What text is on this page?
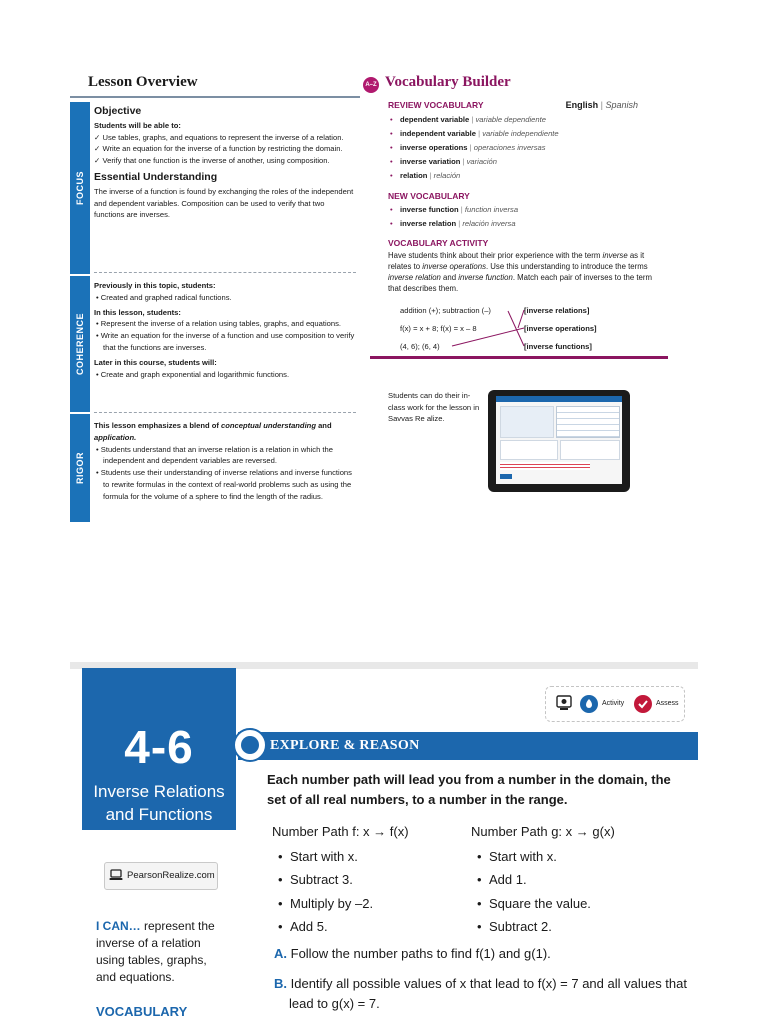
Lesson Overview
FOCUS
COHERENCE
RIGOR
Objective
Students will be able to:
✓ Use tables, graphs, and equations to represent the inverse of a relation.
✓ Write an equation for the inverse of a function by restricting the domain.
✓ Verify that one function is the inverse of another, using composition.
Essential Understanding
The inverse of a function is found by exchanging the roles of the independent and dependent variables. Composition can be used to verify that two functions are inverses.
Previously in this topic, students:
• Created and graphed radical functions.
In this lesson, students:
• Represent the inverse of a relation using tables, graphs, and equations.
• Write an equation for the inverse of a function and use composition to verify that the functions are inverses.
Later in this course, students will:
• Create and graph exponential and logarithmic functions.
This lesson emphasizes a blend of conceptual understanding and application.
• Students understand that an inverse relation is a relation in which the independent and dependent variables are reversed.
• Students use their understanding of inverse relations and inverse functions to rewrite formulas in the context of real-world problems such as using the formula for the volume of a sphere to find the length of the radius.
A–Z Vocabulary Builder
REVIEW VOCABULARY	English | Spanish
• dependent variable | variable dependiente
• independent variable | variable independiente
• inverse operations | operaciones inversas
• inverse variation | variación
• relation | relación
NEW VOCABULARY
• inverse function | function inversa
• inverse relation | relación inversa
VOCABULARY ACTIVITY
Have students think about their prior experience with the term inverse as it relates to inverse operations. Use this understanding to introduce the terms inverse relation and inverse function. Match each pair of inverses to the term that describes them.
addition (+); subtraction (–)
f(x) = x + 8; f(x) = x – 8
(4, 6); (6, 4)
[inverse relations]
[inverse operations]
[inverse functions]
Students can do their in-class work for the lesson in Savvas Re alize.
4-6
Inverse Relations
and Functions
PearsonRealize.com
I CAN… represent the inverse of a relation using tables, graphs, and equations.
VOCABULARY
Activity	Assess
EXPLORE & REASON
Each number path will lead you from a number in the domain, the set of all real numbers, to a number in the range.
Number Path f: x → f(x)
• Start with x.
• Subtract 3.
• Multiply by –2.
• Add 5.
Number Path g: x → g(x)
• Start with x.
• Add 1.
• Square the value.
• Subtract 2.
A. Follow the number paths to find f(1) and g(1).
B. Identify all possible values of x that lead to f(x) = 7 and all values that lead to g(x) = 7.
